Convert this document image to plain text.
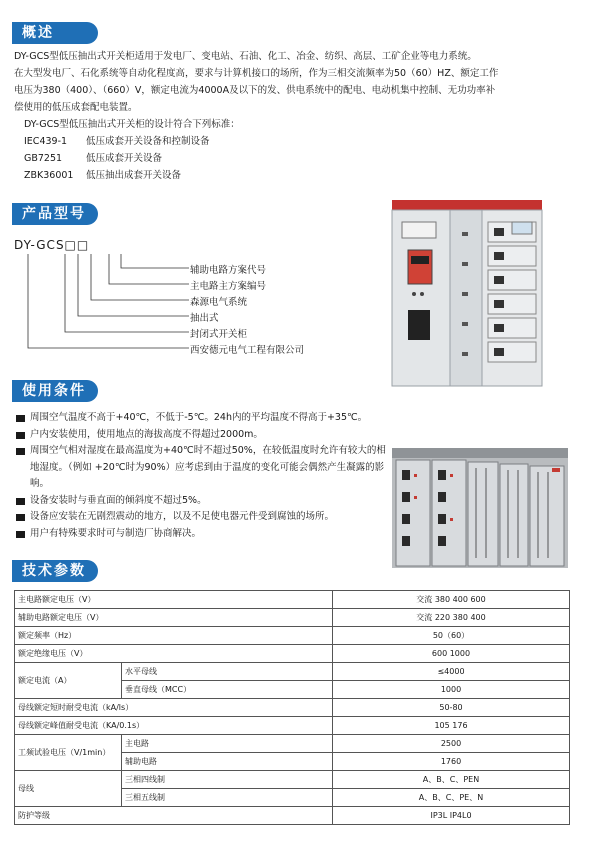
概述

DY-GCS型低压抽出式开关柜适用于发电厂、变电站、石油、化工、冶金、纺织、高层、工矿企业等电力系统。

在大型发电厂、石化系统等自动化程度高，要求与计算机接口的场所，作为三相交流频率为50（60）HZ、额定工作

电压为380（400）、（660）V，额定电流为4000A及以下的发、供电系统中的配电、电动机集中控制、无功功率补

偿使用的低压成套配电装置。

DY-GCS型低压抽出式开关柜的设计符合下列标准：

IEC439-1	低压成套开关设备和控制设备
GB7251	低压成套开关设备
ZBK36001	低压抽出成套开关设备
产品型号
DY-GCS□□
辅助电路方案代号
主电路主方案编号
森源电气系统
抽出式
封闭式开关柜
西安德元电气工程有限公司
使用条件
周围空气温度不高于+40℃，不低于-5℃。24h内的平均温度不得高于+35℃。
户内安装使用，使用地点的海拔高度不得超过2000m。
周围空气相对湿度在最高温度为+40℃时不超过50%，在较低温度时允许有较大的相地湿度。（例如 +20℃时为90%）应考虑到由于温度的变化可能会偶然产生凝露的影响。
设备安装时与垂直面的倾斜度不超过5%。
设备应安装在无剧烈震动的地方，以及不足使电器元件受到腐蚀的场所。
用户有特殊要求时可与制造厂协商解决。
技术参数
主电路额定电压（V）		交流 380 400 600
辅助电路额定电压（V）		交流 220 380 400
额定频率（Hz）		50（60）
额定绝缘电压（V）		600 1000
额定电流（A）	水平母线	≤4000
	垂直母线（MCC）	1000
母线额定短时耐受电流（kA/ls）		50-80
母线额定峰值耐受电流（KA/0.1s）		105 176
工频试验电压（V/1min）	主电路	2500
	辅助电路	1760
母线	三相四线制	A、B、C、PEN
	三相五线制	A、B、C、PE、N
防护等级		IP3L IP4L0
